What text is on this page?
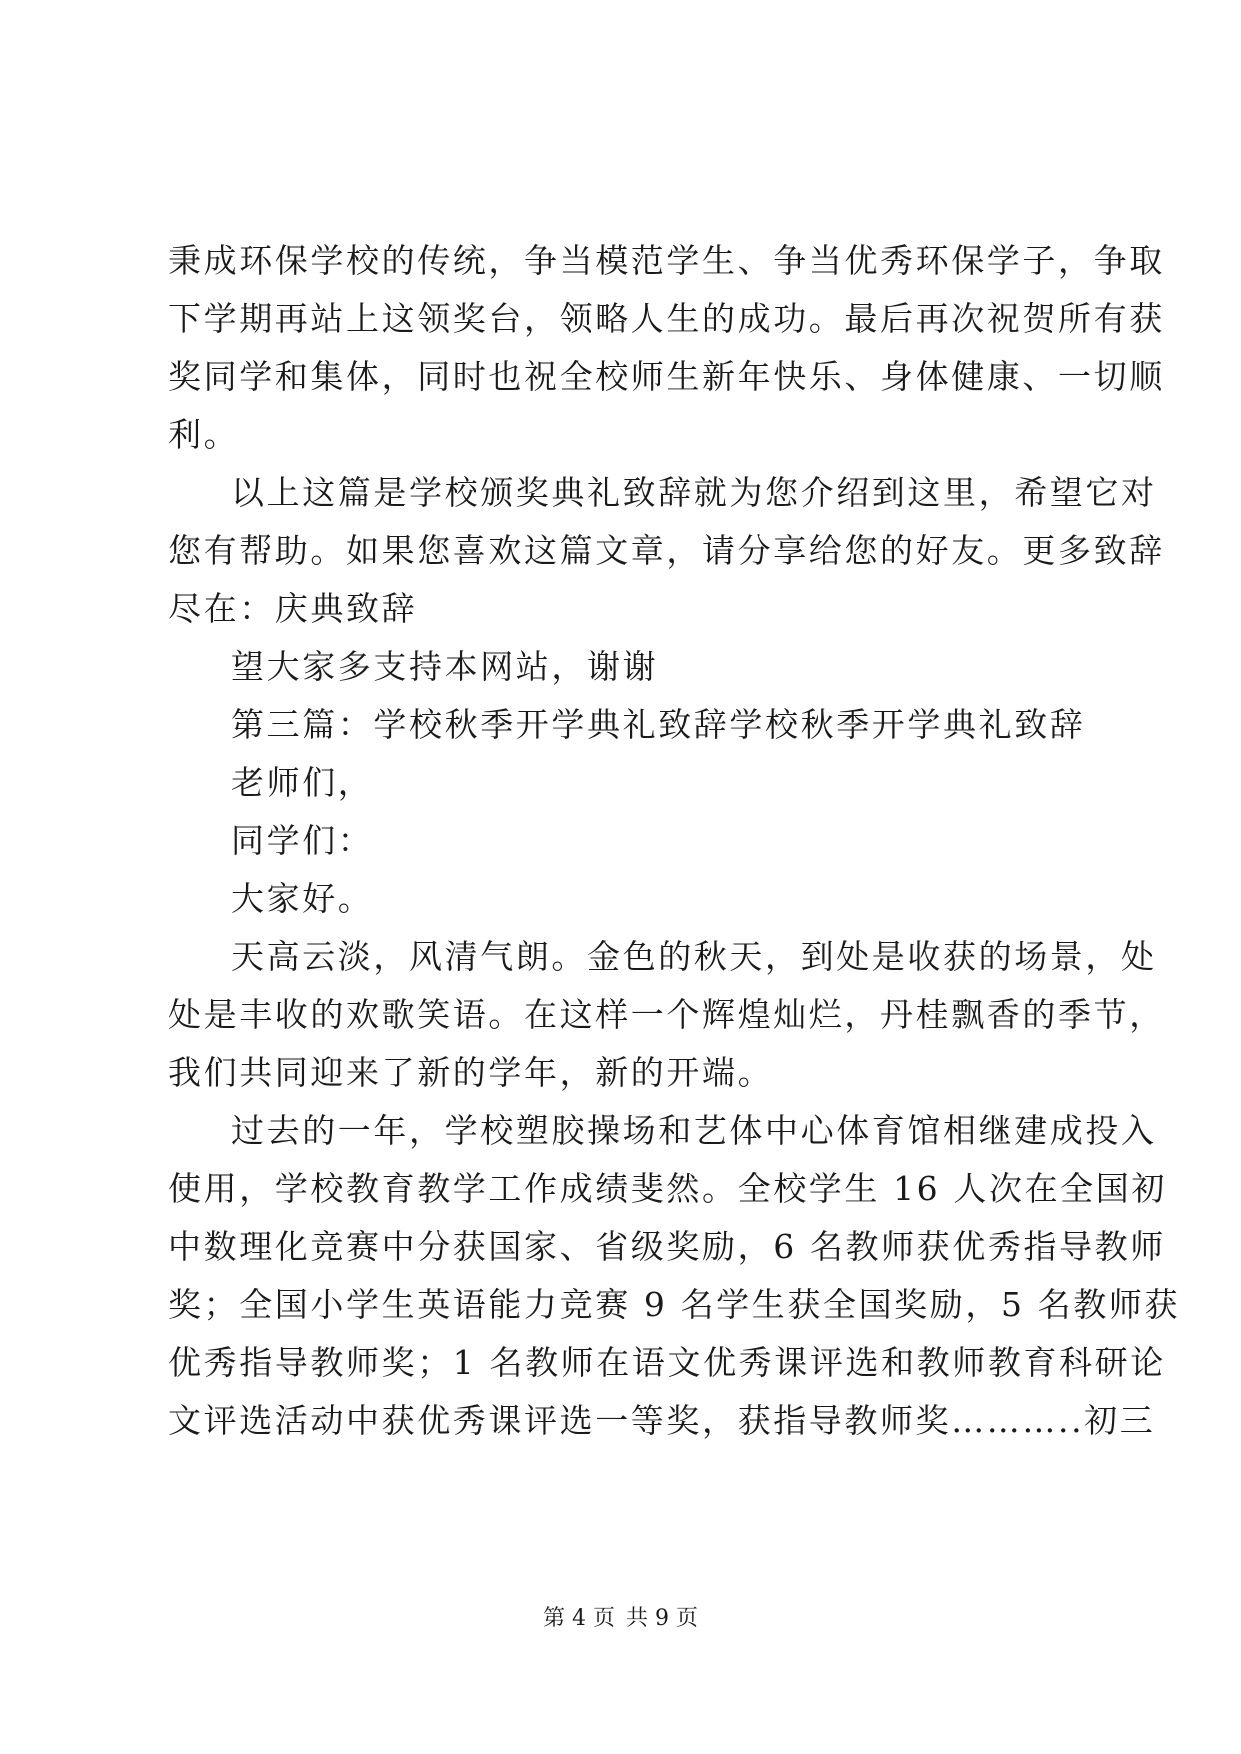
秉成环保学校的传统，争当模范学生、争当优秀环保学子，争取
下学期再站上这领奖台，领略人生的成功。最后再次祝贺所有获
奖同学和集体，同时也祝全校师生新年快乐、身体健康、一切顺
利。
以上这篇是学校颁奖典礼致辞就为您介绍到这里，希望它对
您有帮助。如果您喜欢这篇文章，请分享给您的好友。更多致辞
尽在：庆典致辞
望大家多支持本网站，谢谢
第三篇：学校秋季开学典礼致辞学校秋季开学典礼致辞
老师们，
同学们：
大家好。
天高云淡，风清气朗。金色的秋天，到处是收获的场景，处
处是丰收的欢歌笑语。在这样一个辉煌灿烂，丹桂飘香的季节，
我们共同迎来了新的学年，新的开端。
过去的一年，学校塑胶操场和艺体中心体育馆相继建成投入
使用，学校教育教学工作成绩斐然。全校学生 16 人次在全国初
中数理化竞赛中分获国家、省级奖励，6 名教师获优秀指导教师
奖；全国小学生英语能力竞赛 9 名学生获全国奖励，5 名教师获
优秀指导教师奖；1 名教师在语文优秀课评选和教师教育科研论
文评选活动中获优秀课评选一等奖，获指导教师奖………..初三
第 4 页 共 9 页
